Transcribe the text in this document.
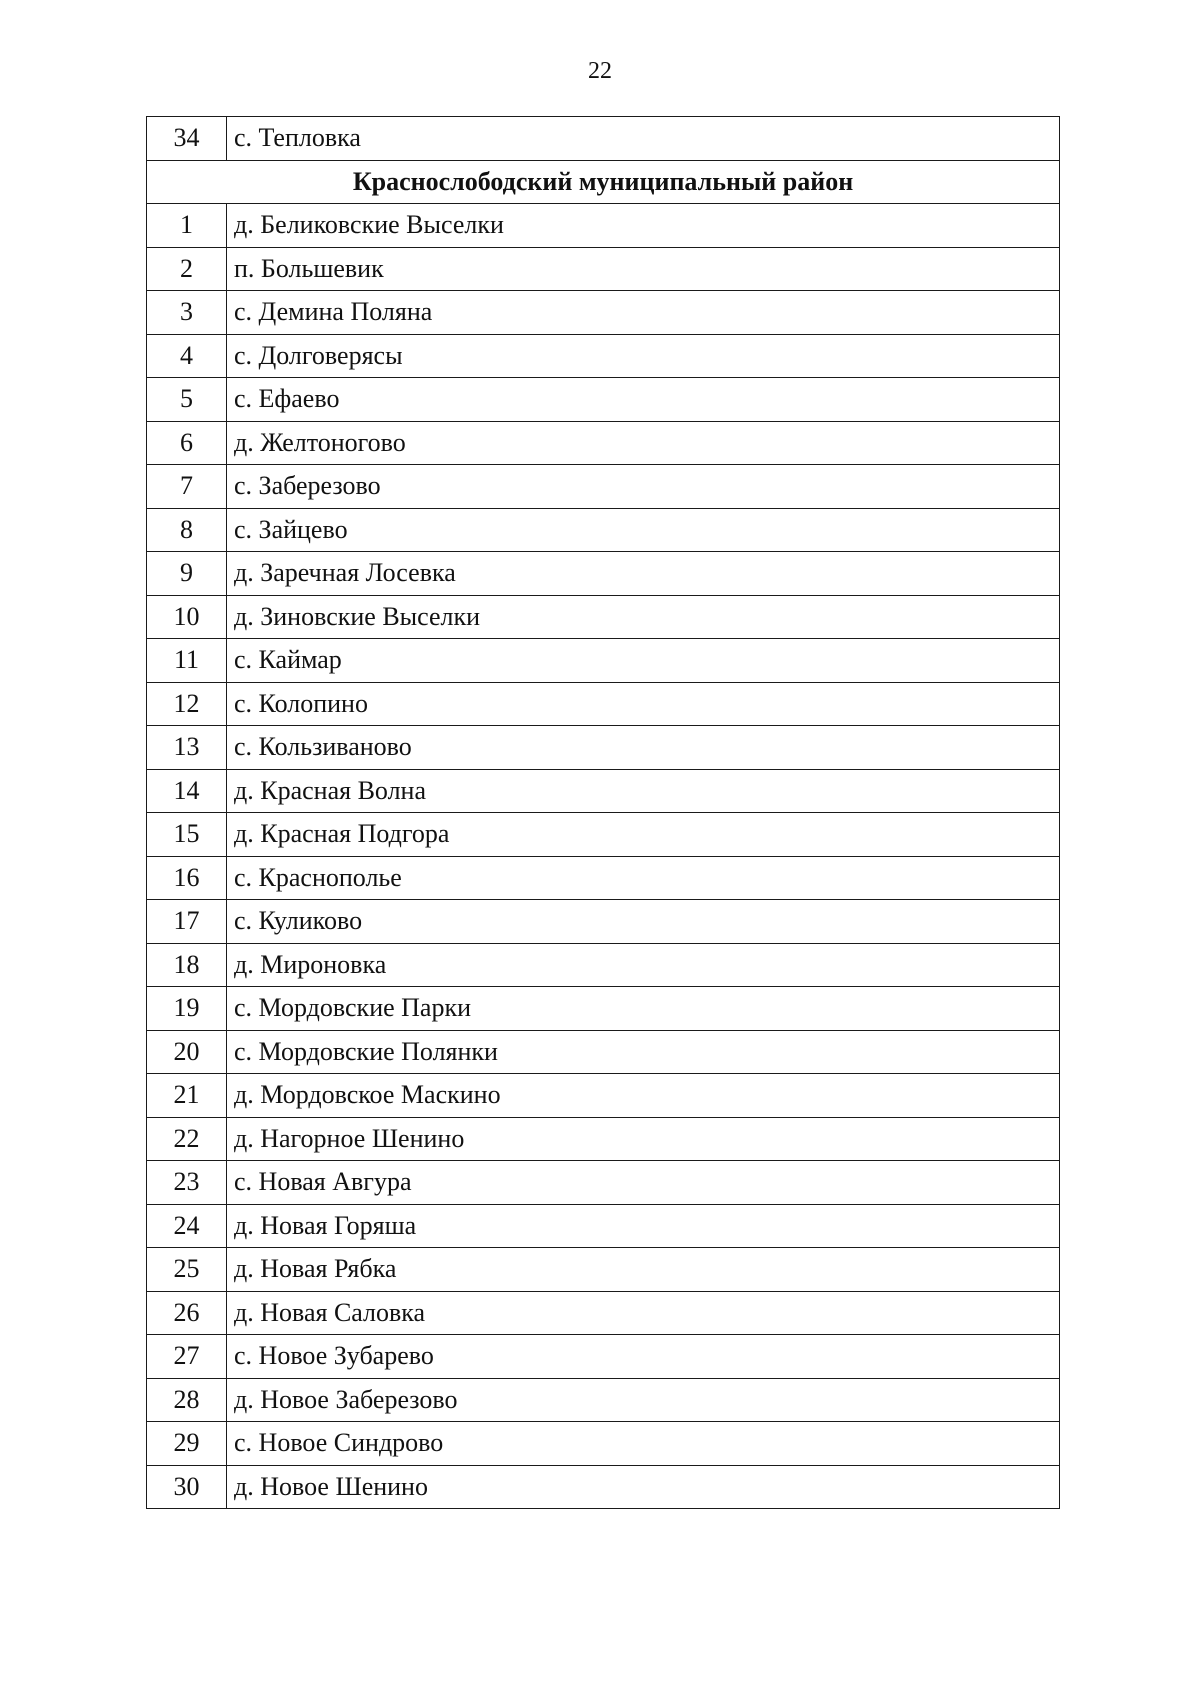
22
34	с. Тепловка
Краснослободский муниципальный район	
1	д. Беликовские Выселки
2	п. Большевик
3	с. Демина Поляна
4	с. Долговерясы
5	с. Ефаево
6	д. Желтоногово
7	с. Заберезово
8	с. Зайцево
9	д. Заречная Лосевка
10	д. Зиновские Выселки
11	с. Каймар
12	с. Колопино
13	с. Кользиваново
14	д. Красная Волна
15	д. Красная Подгора
16	с. Краснополье
17	с. Куликово
18	д. Мироновка
19	с. Мордовские Парки
20	с. Мордовские Полянки
21	д. Мордовское Маскино
22	д. Нагорное Шенино
23	с. Новая Авгура
24	д. Новая Горяша
25	д. Новая Рябка
26	д. Новая Саловка
27	с. Новое Зубарево
28	д. Новое Заберезово
29	с. Новое Синдрово
30	д. Новое Шенино
